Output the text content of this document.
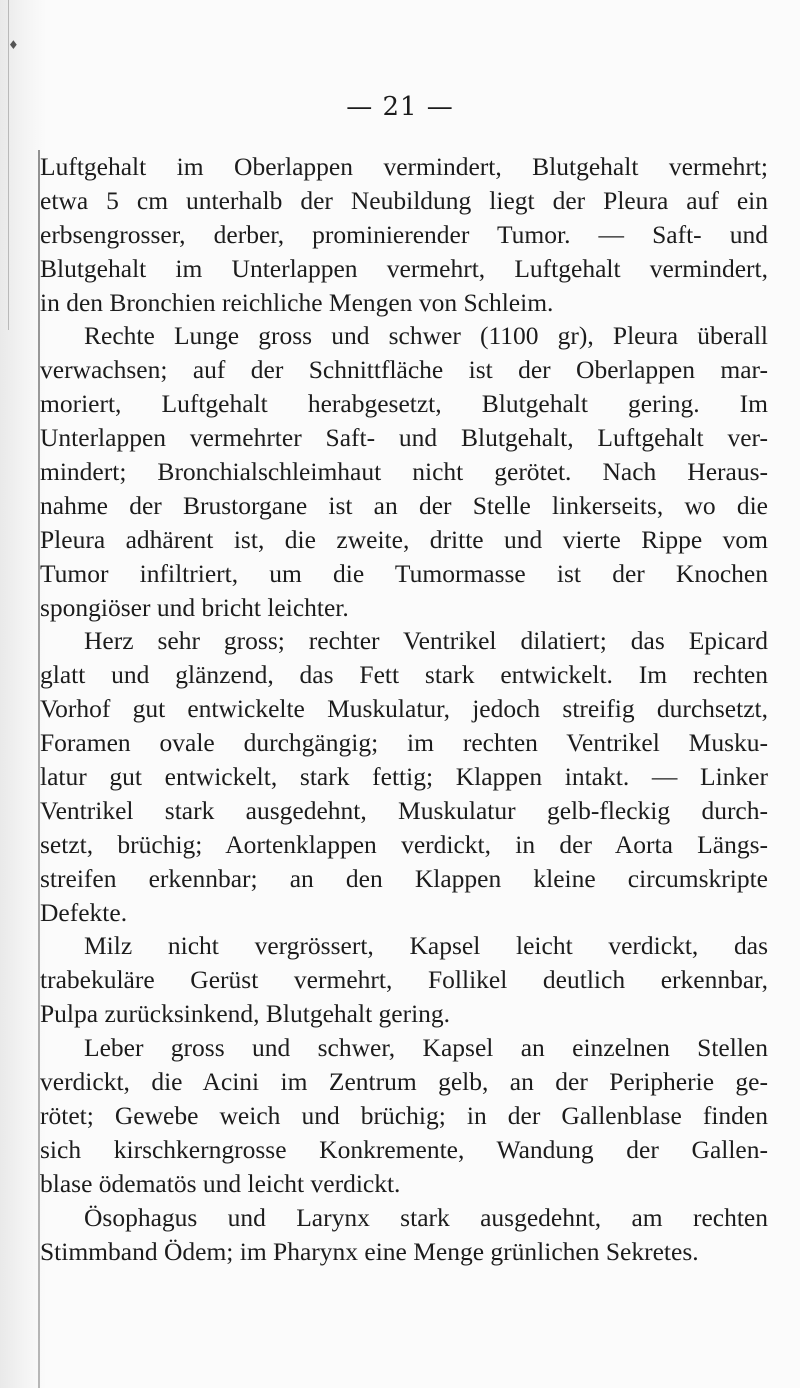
♦
— 21 —
Luftgehalt im Oberlappen vermindert, Blutgehalt vermehrt;
etwa 5 cm unterhalb der Neubildung liegt der Pleura auf ein
erbsengrosser, derber, prominierender Tumor. — Saft- und
Blutgehalt im Unterlappen vermehrt, Luftgehalt vermindert,
in den Bronchien reichliche Mengen von Schleim.
Rechte Lunge gross und schwer (1100 gr), Pleura überall
verwachsen; auf der Schnittfläche ist der Oberlappen mar-
moriert, Luftgehalt herabgesetzt, Blutgehalt gering. Im
Unterlappen vermehrter Saft- und Blutgehalt, Luftgehalt ver-
mindert; Bronchialschleimhaut nicht gerötet. Nach Heraus-
nahme der Brustorgane ist an der Stelle linkerseits, wo die
Pleura adhärent ist, die zweite, dritte und vierte Rippe vom
Tumor infiltriert, um die Tumormasse ist der Knochen
spongiöser und bricht leichter.
Herz sehr gross; rechter Ventrikel dilatiert; das Epicard
glatt und glänzend, das Fett stark entwickelt. Im rechten
Vorhof gut entwickelte Muskulatur, jedoch streifig durchsetzt,
Foramen ovale durchgängig; im rechten Ventrikel Musku-
latur gut entwickelt, stark fettig; Klappen intakt. — Linker
Ventrikel stark ausgedehnt, Muskulatur gelb-fleckig durch-
setzt, brüchig; Aortenklappen verdickt, in der Aorta Längs-
streifen erkennbar; an den Klappen kleine circumskripte
Defekte.
Milz nicht vergrössert, Kapsel leicht verdickt, das
trabekuläre Gerüst vermehrt, Follikel deutlich erkennbar,
Pulpa zurücksinkend, Blutgehalt gering.
Leber gross und schwer, Kapsel an einzelnen Stellen
verdickt, die Acini im Zentrum gelb, an der Peripherie ge-
rötet; Gewebe weich und brüchig; in der Gallenblase finden
sich kirschkerngrosse Konkremente, Wandung der Gallen-
blase ödematös und leicht verdickt.
Ösophagus und Larynx stark ausgedehnt, am rechten
Stimmband Ödem; im Pharynx eine Menge grünlichen Sekretes.
